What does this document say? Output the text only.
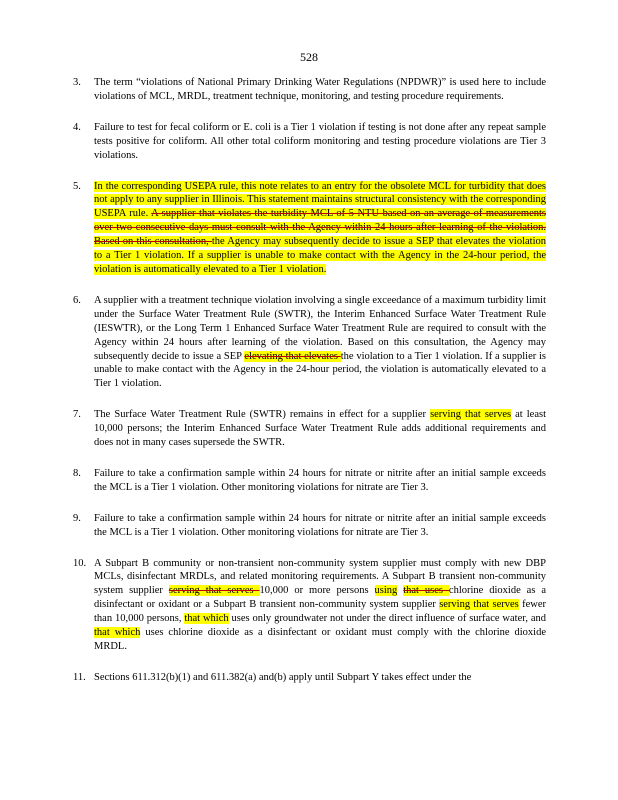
528
3. The term “violations of National Primary Drinking Water Regulations (NPDWR)” is used here to include violations of MCL, MRDL, treatment technique, monitoring, and testing procedure requirements.
4. Failure to test for fecal coliform or E. coli is a Tier 1 violation if testing is not done after any repeat sample tests positive for coliform. All other total coliform monitoring and testing procedure violations are Tier 3 violations.
5. In the corresponding USEPA rule, this note relates to an entry for the obsolete MCL for turbidity that does not apply to any supplier in Illinois. This statement maintains structural consistency with the corresponding USEPA rule. A supplier that violates the turbidity MCL of 5 NTU based on an average of measurements over two consecutive days must consult with the Agency within 24 hours after learning of the violation. Based on this consultation, the Agency may subsequently decide to issue a SEP that elevates the violation to a Tier 1 violation. If a supplier is unable to make contact with the Agency in the 24-hour period, the violation is automatically elevated to a Tier 1 violation.
6. A supplier with a treatment technique violation involving a single exceedance of a maximum turbidity limit under the Surface Water Treatment Rule (SWTR), the Interim Enhanced Surface Water Treatment Rule (IESWTR), or the Long Term 1 Enhanced Surface Water Treatment Rule are required to consult with the Agency within 24 hours after learning of the violation. Based on this consultation, the Agency may subsequently decide to issue a SEP elevating that elevates the violation to a Tier 1 violation. If a supplier is unable to make contact with the Agency in the 24-hour period, the violation is automatically elevated to a Tier 1 violation.
7. The Surface Water Treatment Rule (SWTR) remains in effect for a supplier serving that serves at least 10,000 persons; the Interim Enhanced Surface Water Treatment Rule adds additional requirements and does not in many cases supersede the SWTR.
8. Failure to take a confirmation sample within 24 hours for nitrate or nitrite after an initial sample exceeds the MCL is a Tier 1 violation. Other monitoring violations for nitrate are Tier 3.
9. Failure to take a confirmation sample within 24 hours for nitrate or nitrite after an initial sample exceeds the MCL is a Tier 1 violation. Other monitoring violations for nitrate are Tier 3.
10. A Subpart B community or non-transient non-community system supplier must comply with new DBP MCLs, disinfectant MRDLs, and related monitoring requirements. A Subpart B transient non-community system supplier serving that serves 10,000 or more persons using that uses chlorine dioxide as a disinfectant or oxidant or a Subpart B transient non-community system supplier serving that serves fewer than 10,000 persons, that which uses only groundwater not under the direct influence of surface water, and that which uses chlorine dioxide as a disinfectant or oxidant must comply with the chlorine dioxide MRDL.
11. Sections 611.312(b)(1) and 611.382(a) and(b) apply until Subpart Y takes effect under the
